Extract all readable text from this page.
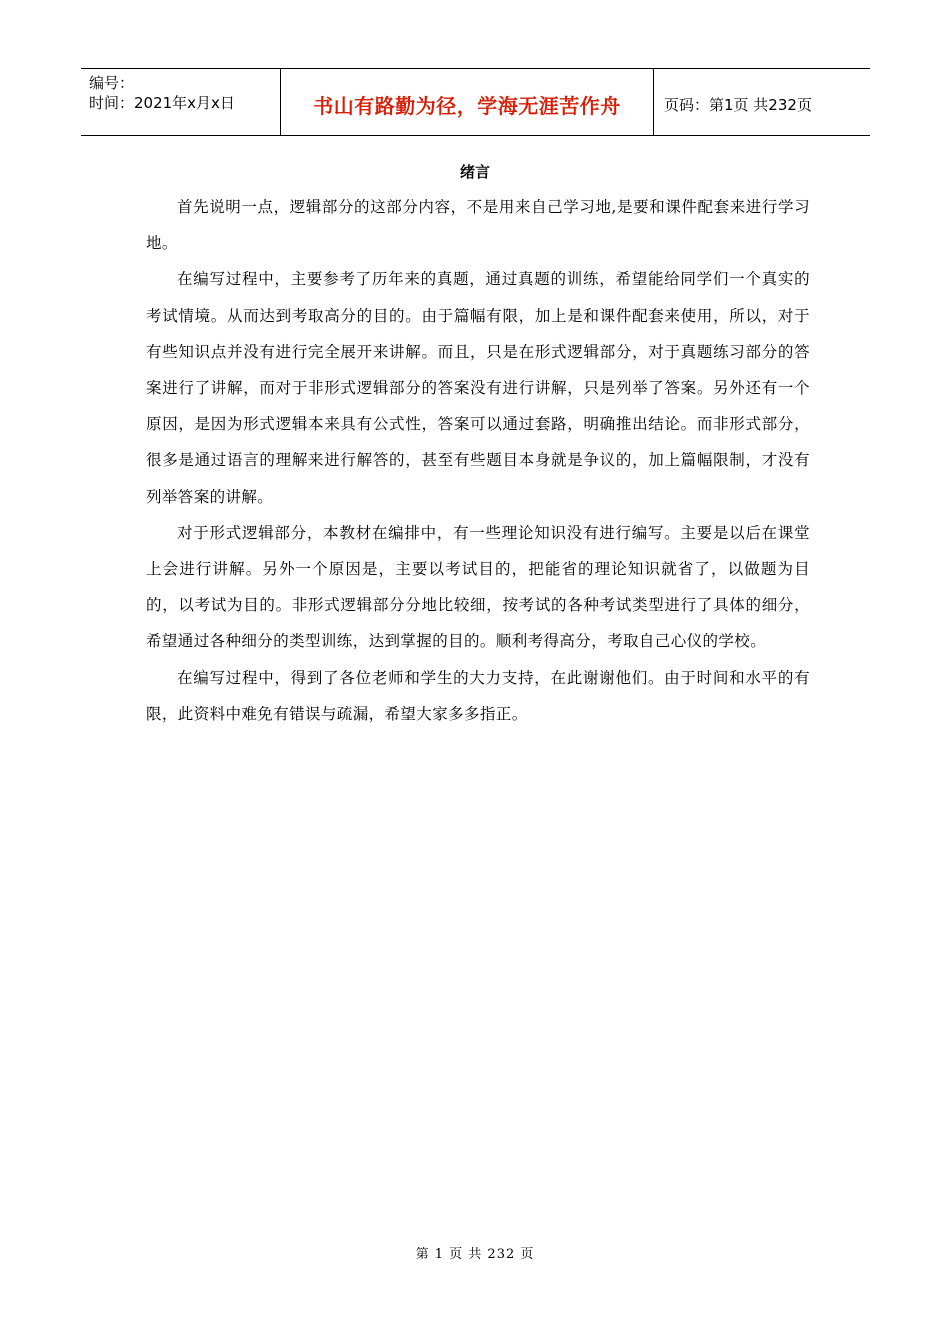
编号：
时间：2021年x月x日	书山有路勤为径，学海无涯苦作舟	页码：第1页 共232页
绪言

首先说明一点，逻辑部分的这部分内容，不是用来自己学习地,是要和课件配套来进行学习地。

在编写过程中，主要参考了历年来的真题，通过真题的训练，希望能给同学们一个真实的考试情境。从而达到考取高分的目的。由于篇幅有限，加上是和课件配套来使用，所以，对于有些知识点并没有进行完全展开来讲解。而且，只是在形式逻辑部分，对于真题练习部分的答案进行了讲解，而对于非形式逻辑部分的答案没有进行讲解，只是列举了答案。另外还有一个原因，是因为形式逻辑本来具有公式性，答案可以通过套路，明确推出结论。而非形式部分，很多是通过语言的理解来进行解答的，甚至有些题目本身就是争议的，加上篇幅限制，才没有列举答案的讲解。

对于形式逻辑部分，本教材在编排中，有一些理论知识没有进行编写。主要是以后在课堂上会进行讲解。另外一个原因是，主要以考试目的，把能省的理论知识就省了，以做题为目的，以考试为目的。非形式逻辑部分分地比较细，按考试的各种考试类型进行了具体的细分，希望通过各种细分的类型训练，达到掌握的目的。顺利考得高分，考取自己心仪的学校。

在编写过程中，得到了各位老师和学生的大力支持，在此谢谢他们。由于时间和水平的有限，此资料中难免有错误与疏漏，希望大家多多指正。

第 1 页 共 232 页
